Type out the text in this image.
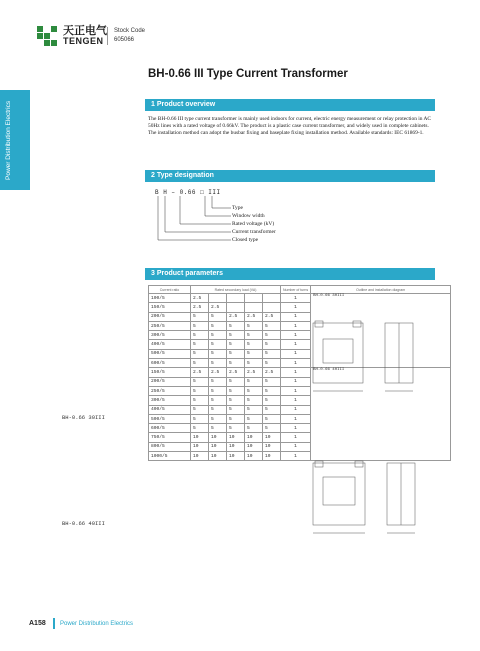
天正电气
TENGEN
Stock Code
605066
BH-0.66 III Type Current Transformer
Power Distribution Electrics	1 Product overview
The BH-0.66 III type current transformer is mainly used indoors for current, electric energy measurement or relay protection in AC 50Hz lines with a rated voltage of 0.66kV. The product is a plastic case current transformer, and widely used in complete cabinets. The installation method can adopt the busbar fixing and baseplate fixing installation method. Available standards: IEC 61869-1.
2 Type designation
B H – 0.66 □ III
Type
Window width
Rated voltage (kV)
Current transformer
Closed type
3 Product parameters
Current ratio	Rated secondary load (VA)					Number of turns	Outline and installation diagram
100/5	2.5					1	BH-0.66 30III
150/5	2.5	2.5				1	
200/5	5	5	2.5	2.5	2.5	1	
250/5	5	5	5	5	5	1	
300/5	5	5	5	5	5	1	
400/5	5	5	5	5	5	1	
500/5	5	5	5	5	5	1	
600/5	5	5	5	5	5	1	
150/5	2.5	2.5	2.5	2.5	2.5	1	BH-0.66 40III
200/5	5	5	5	5	5	1	
250/5	5	5	5	5	5	1	
300/5	5	5	5	5	5	1	
400/5	5	5	5	5	5	1	
500/5	5	5	5	5	5	1	
600/5	5	5	5	5	5	1	
750/5	10	10	10	10	10	1	
800/5	10	10	10	10	10	1	
1000/5	10	10	10	10	10	1	
BH-0.66 30III
BH-0.66 40III
A158 Power Distribution Electrics
